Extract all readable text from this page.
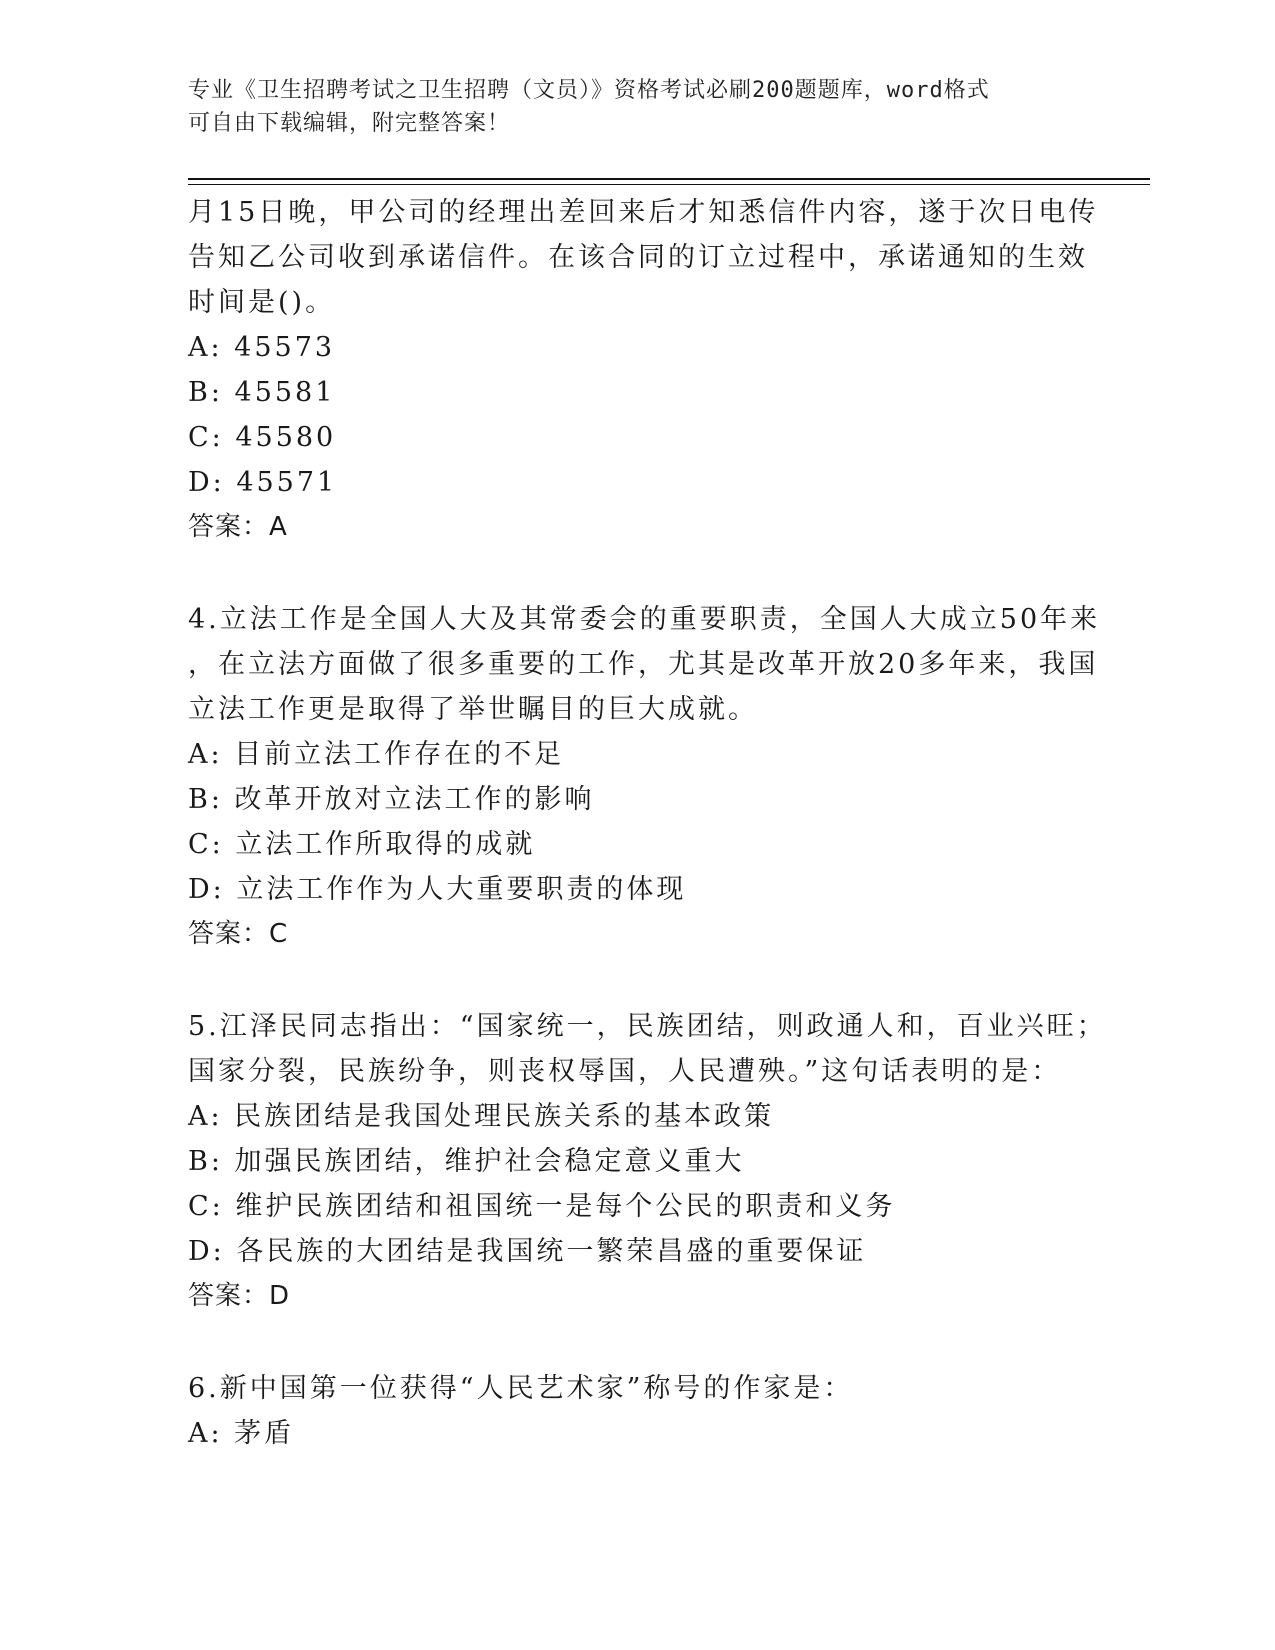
专业《卫生招聘考试之卫生招聘（文员）》资格考试必刷200题题库，word格式
可自由下载编辑，附完整答案！
月15日晚，甲公司的经理出差回来后才知悉信件内容，遂于次日电传
告知乙公司收到承诺信件。在该合同的订立过程中，承诺通知的生效
时间是()。
A: 45573
B: 45581
C: 45580
D: 45571
答案：A
4.立法工作是全国人大及其常委会的重要职责，全国人大成立50年来
，在立法方面做了很多重要的工作，尤其是改革开放20多年来，我国
立法工作更是取得了举世瞩目的巨大成就。
A: 目前立法工作存在的不足
B: 改革开放对立法工作的影响
C: 立法工作所取得的成就
D: 立法工作作为人大重要职责的体现
答案：C
5.江泽民同志指出：“国家统一，民族团结，则政通人和，百业兴旺；
国家分裂，民族纷争，则丧权辱国，人民遭殃。”这句话表明的是：
A: 民族团结是我国处理民族关系的基本政策
B: 加强民族团结，维护社会稳定意义重大
C: 维护民族团结和祖国统一是每个公民的职责和义务
D: 各民族的大团结是我国统一繁荣昌盛的重要保证
答案：D
6.新中国第一位获得“人民艺术家”称号的作家是：
A: 茅盾
